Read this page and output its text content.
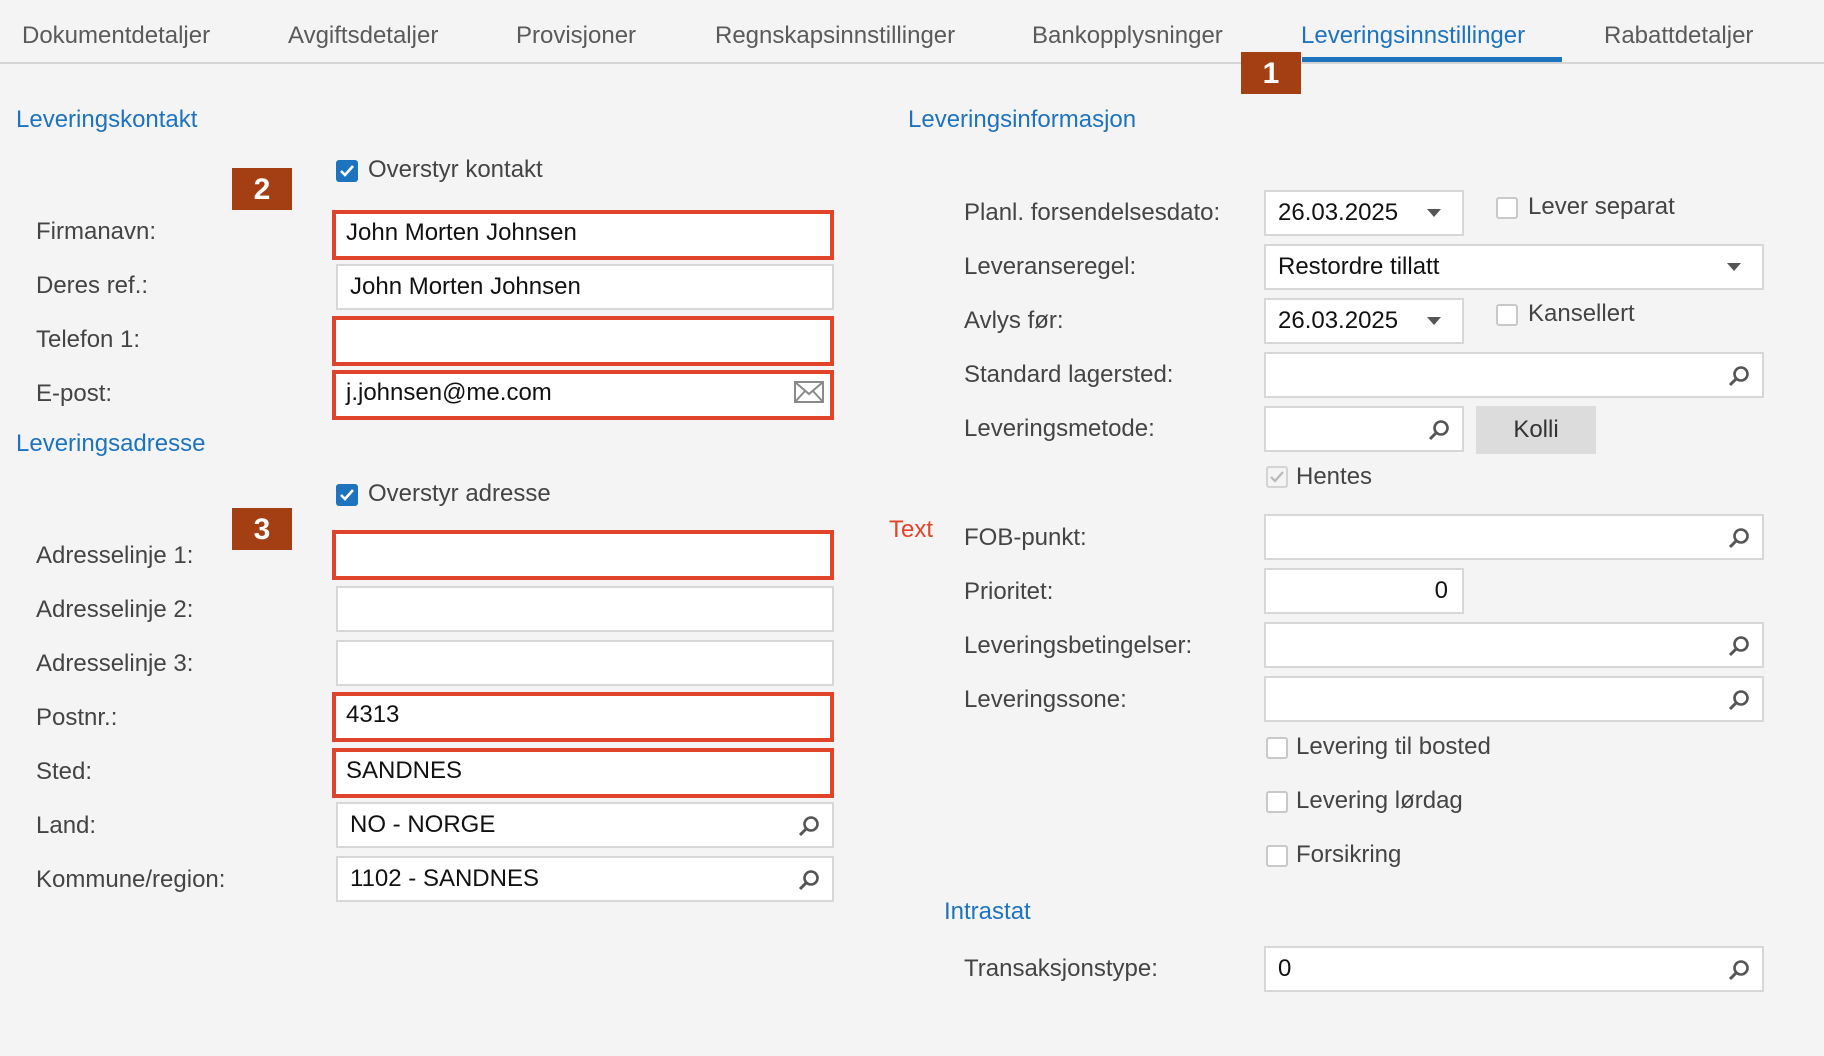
Dokumentdetaljer	Avgiftsdetaljer	Provisjoner	Regnskapsinnstillinger	Bankopplysninger	Leveringsinnstillinger	Rabattdetaljer
1
2
3
Leveringskontakt
Overstyr kontakt
Firmanavn:	John Morten Johnsen
Deres ref.:	John Morten Johnsen
Telefon 1:
E-post:	j.johnsen@me.com
Leveringsadresse
Overstyr adresse
Adresselinje 1:
Adresselinje 2:
Adresselinje 3:
Postnr.:	4313
Sted:	SANDNES
Land:	NO - NORGE
Kommune/region:	1102 - SANDNES
Leveringsinformasjon
Planl. forsendelsesdato:	26.03.2025	Lever separat
Leveranseregel:	Restordre tillatt
Avlys før:	26.03.2025	Kansellert
Standard lagersted:
Leveringsmetode:	Kolli
Hentes
Text FOB-punkt:
Prioritet:	0
Leveringsbetingelser:
Leveringssone:
Levering til bosted
Levering lørdag
Forsikring
Intrastat
Transaksjonstype:	0
